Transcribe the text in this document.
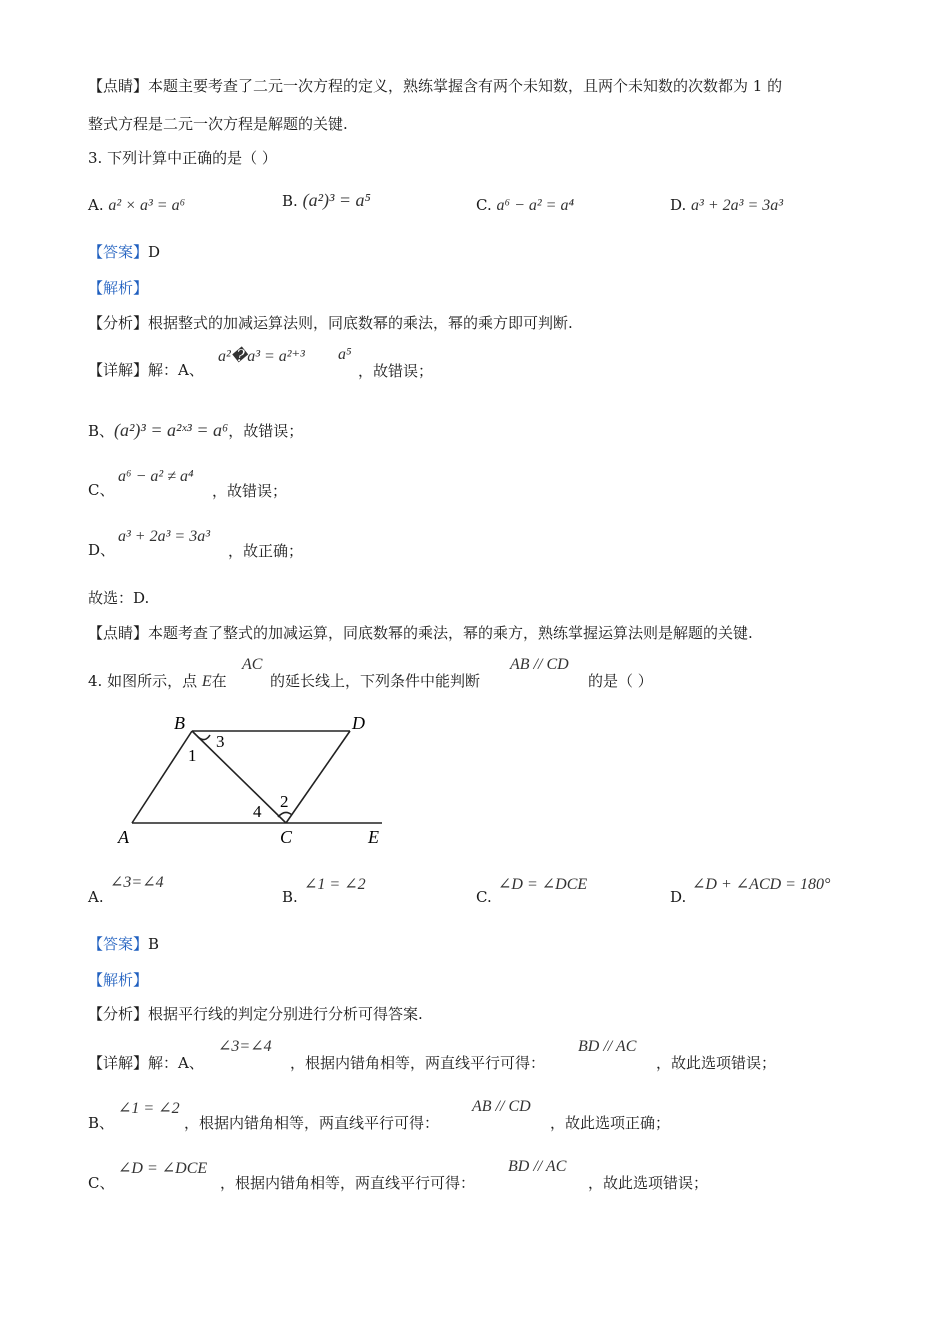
【点睛】本题主要考查了二元一次方程的定义，熟练掌握含有两个未知数，且两个未知数的次数都为 1 的
整式方程是二元一次方程是解题的关键.
3. 下列计算中正确的是（ ）
A. a² × a³ = a⁶	B. (a²)³ = a⁵	C. a⁶ − a² = a⁴	D. a³ + 2a³ = 3a³
【答案】D
【解析】
【分析】根据整式的加减运算法则，同底数幂的乘法，幂的乘方即可判断.
【详解】解：A、
a²�a³ = a²⁺³ a⁵
，故错误；
B、(a²)³ = a²ˣ³ = a⁶，故错误；
C、
a⁶ − a² ≠ a⁴
，故错误；
D、
a³ + 2a³ = 3a³
，故正确；
故选：D.
【点睛】本题考查了整式的加减运算，同底数幂的乘法，幂的乘方，熟练掌握运算法则是解题的关键.
4. 如图所示，点 E在
AC
的延长线上，下列条件中能判断
AB // CD
的是（ ）
B	D
A	C	E
1
3
2
4
A.
∠3=∠4
B.
∠1 = ∠2
C.
∠D = ∠DCE
D.
∠D + ∠ACD = 180°
【答案】B
【解析】
【分析】根据平行线的判定分别进行分析可得答案.
【详解】解：A、
∠3=∠4
，根据内错角相等，两直线平行可得：
BD // AC
，故此选项错误；
B、
∠1 = ∠2
，根据内错角相等，两直线平行可得：
AB // CD
，故此选项正确；
C、
∠D = ∠DCE
，根据内错角相等，两直线平行可得：
BD // AC
，故此选项错误；
